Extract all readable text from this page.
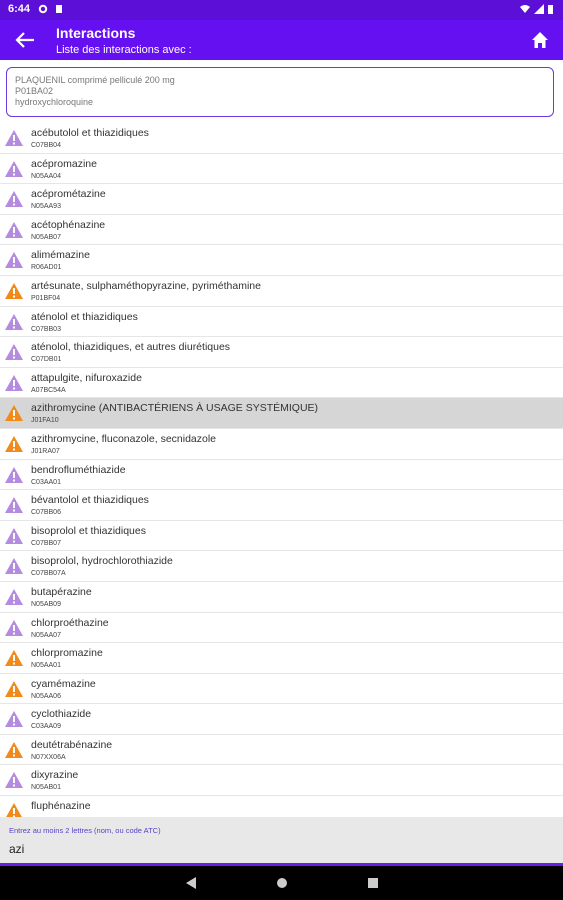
6:44
Interactions
Liste des interactions avec :
PLAQUENIL comprimé pelliculé 200 mg
P01BA02
hydroxychloroquine
acébutolol et thiazidiques
C07BB04
acépromazine
N05AA04
acéprométazine
N05AA93
acétophénazine
N05AB07
alimémazine
R06AD01
artésunate, sulphaméthopyrazine, pyriméthamine
P01BF04
aténolol et thiazidiques
C07BB03
aténolol, thiazidiques, et autres diurétiques
C07DB01
attapulgite, nifuroxazide
A07BC54A
azithromycine (ANTIBACTÉRIENS À USAGE SYSTÉMIQUE)
J01FA10
azithromycine, fluconazole, secnidazole
J01RA07
bendrofluméthiazide
C03AA01
bévantolol et thiazidiques
C07BB06
bisoprolol et thiazidiques
C07BB07
bisoprolol, hydrochlorothiazide
C07BB07A
butapérazine
N05AB09
chlorproéthazine
N05AA07
chlorpromazine
N05AA01
cyamémazine
N05AA06
cyclothiazide
C03AA09
deutétrabénazine
N07XX06A
dixyrazine
N05AB01
fluphénazine
Entrez au moins 2 lettres (nom, ou code ATC)
azi
